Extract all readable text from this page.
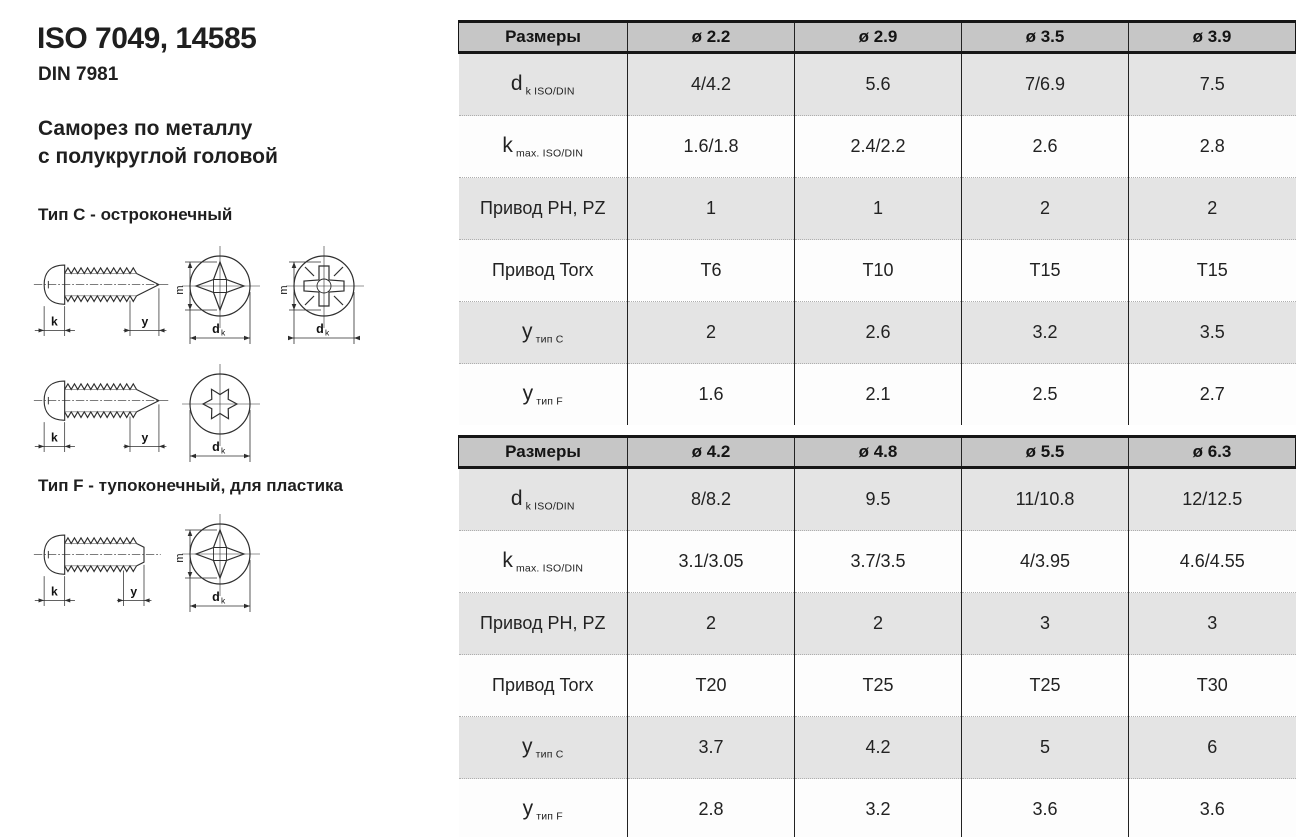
ISO 7049, 14585
DIN 7981
Саморез по металлу
с полукруглой головой
Тип C - остроконечный
Тип F - тупоконечный, для пластика
k	y
m
d k
m
d k
k	y
d k
k	y
m
d k
Размеры	ø 2.2	ø 2.9	ø 3.5	ø 3.9
d $_{k ISO/DIN}$	4/4.2	5.6	7/6.9	7.5
k $_{max. ISO/DIN}$	1.6/1.8	2.4/2.2	2.6	2.8
Привод PH, PZ	1	1	2	2
Привод Torx	T6	T10	T15	T15
у $_{тип C}$	2	2.6	3.2	3.5
у $_{тип F}$	1.6	2.1	2.5	2.7
Размеры	ø 4.2	ø 4.8	ø 5.5	ø 6.3
d $_{k ISO/DIN}$	8/8.2	9.5	11/10.8	12/12.5
k $_{max. ISO/DIN}$	3.1/3.05	3.7/3.5	4/3.95	4.6/4.55
Привод PH, PZ	2	2	3	3
Привод Torx	T20	T25	T25	T30
у $_{тип C}$	3.7	4.2	5	6
у $_{тип F}$	2.8	3.2	3.6	3.6
